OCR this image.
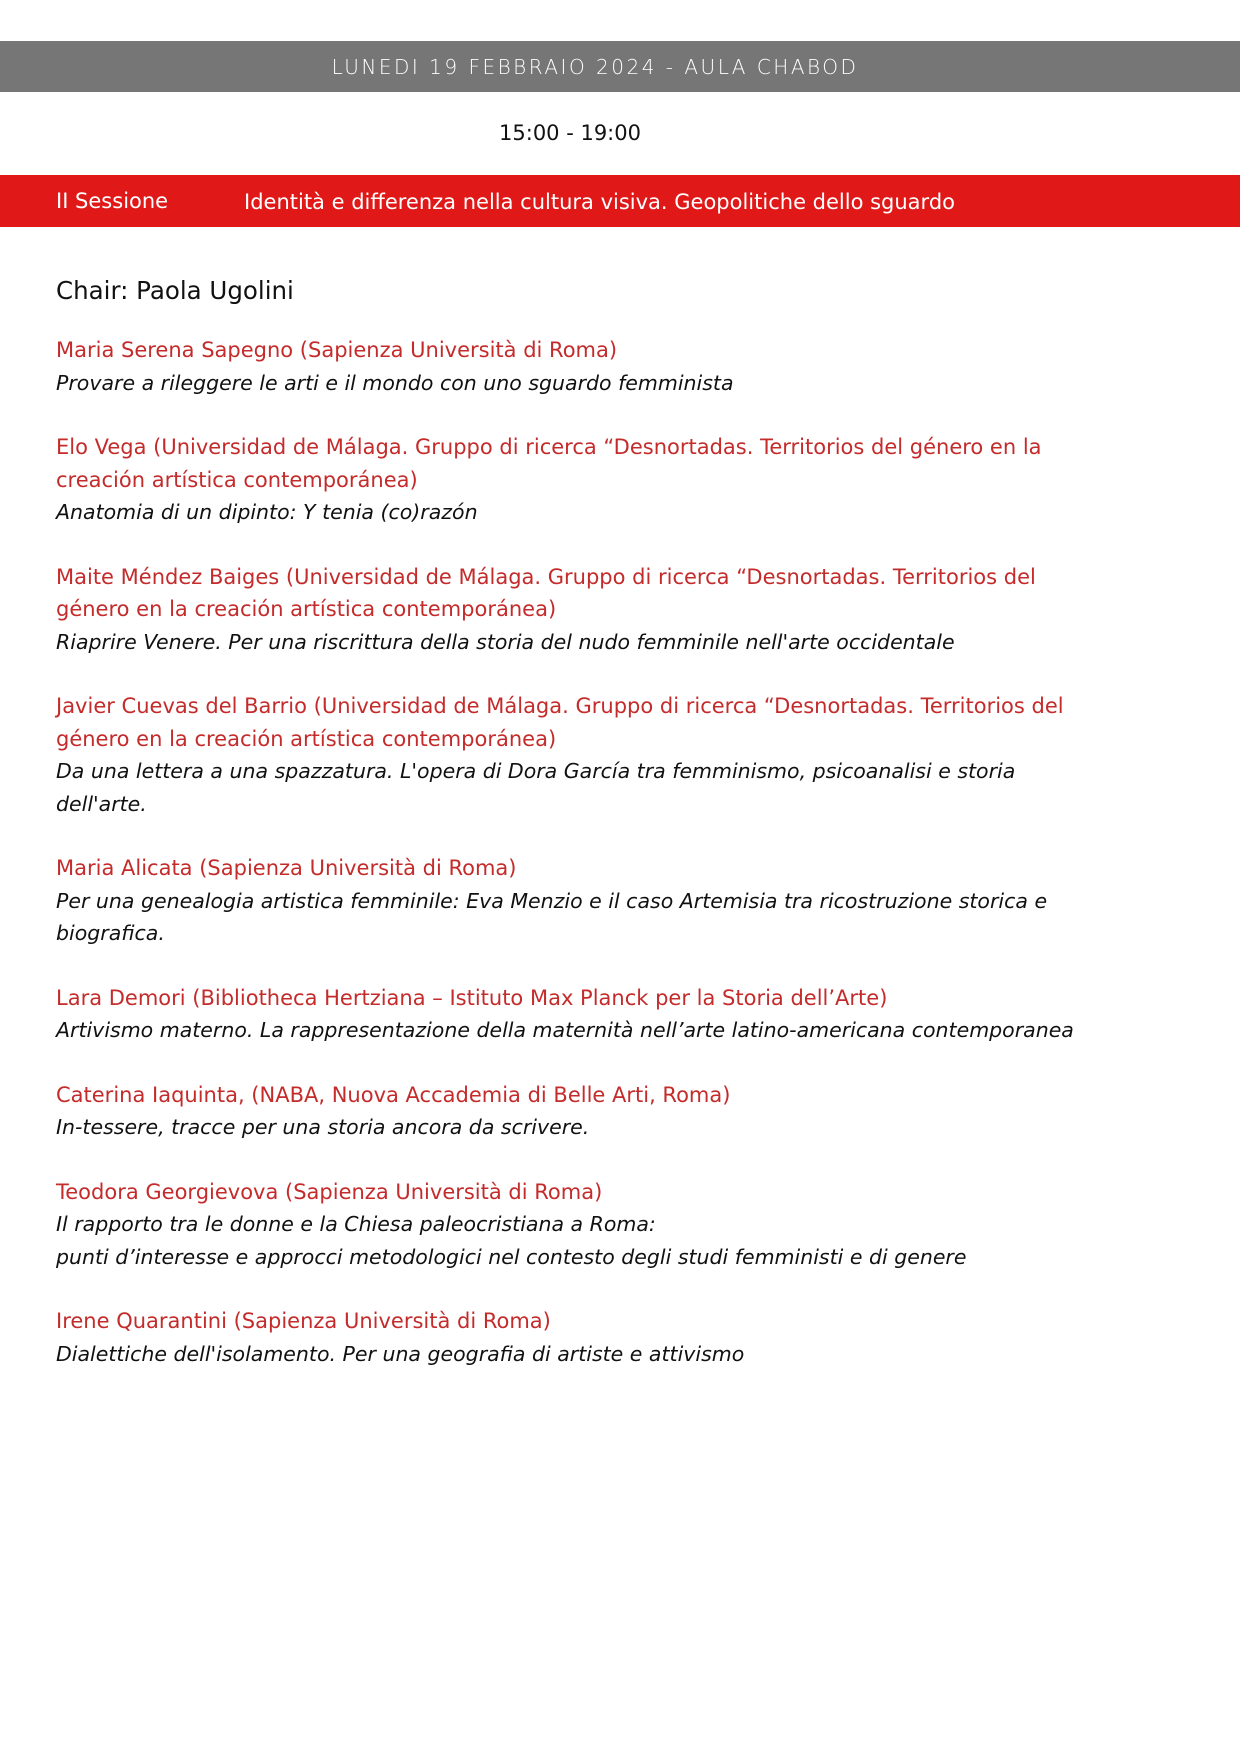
LUNEDI 19 FEBBRAIO 2024 - AULA CHABOD
15:00 - 19:00
II Sessione	Identità e differenza nella cultura visiva. Geopolitiche dello sguardo
Chair: Paola Ugolini
Maria Serena Sapegno (Sapienza Università di Roma)
Provare a rileggere le arti e il mondo con uno sguardo femminista
Elo Vega (Universidad de Málaga. Gruppo di ricerca “Desnortadas. Territorios del género en la creación artística contemporánea)
Anatomia di un dipinto: Y tenia (co)razón
Maite Méndez Baiges (Universidad de Málaga. Gruppo di ricerca “Desnortadas. Territorios del género en la creación artística contemporánea)
Riaprire Venere. Per una riscrittura della storia del nudo femminile nell'arte occidentale
Javier Cuevas del Barrio (Universidad de Málaga. Gruppo di ricerca “Desnortadas. Territorios del género en la creación artística contemporánea)
Da una lettera a una spazzatura. L'opera di Dora García tra femminismo, psicoanalisi e storia dell'arte.
Maria Alicata (Sapienza Università di Roma)
Per una genealogia artistica femminile: Eva Menzio e il caso Artemisia tra ricostruzione storica e biografica.
Lara Demori (Bibliotheca Hertziana – Istituto Max Planck per la Storia dell’Arte)
Artivismo materno. La rappresentazione della maternità nell’arte latino-americana contemporanea
Caterina Iaquinta, (NABA, Nuova Accademia di Belle Arti, Roma)
In-tessere, tracce per una storia ancora da scrivere.
Teodora Georgievova (Sapienza Università di Roma)
Il rapporto tra le donne e la Chiesa paleocristiana a Roma:
punti d’interesse e approcci metodologici nel contesto degli studi femministi e di genere
Irene Quarantini (Sapienza Università di Roma)
Dialettiche dell'isolamento. Per una geografia di artiste e attivismo
